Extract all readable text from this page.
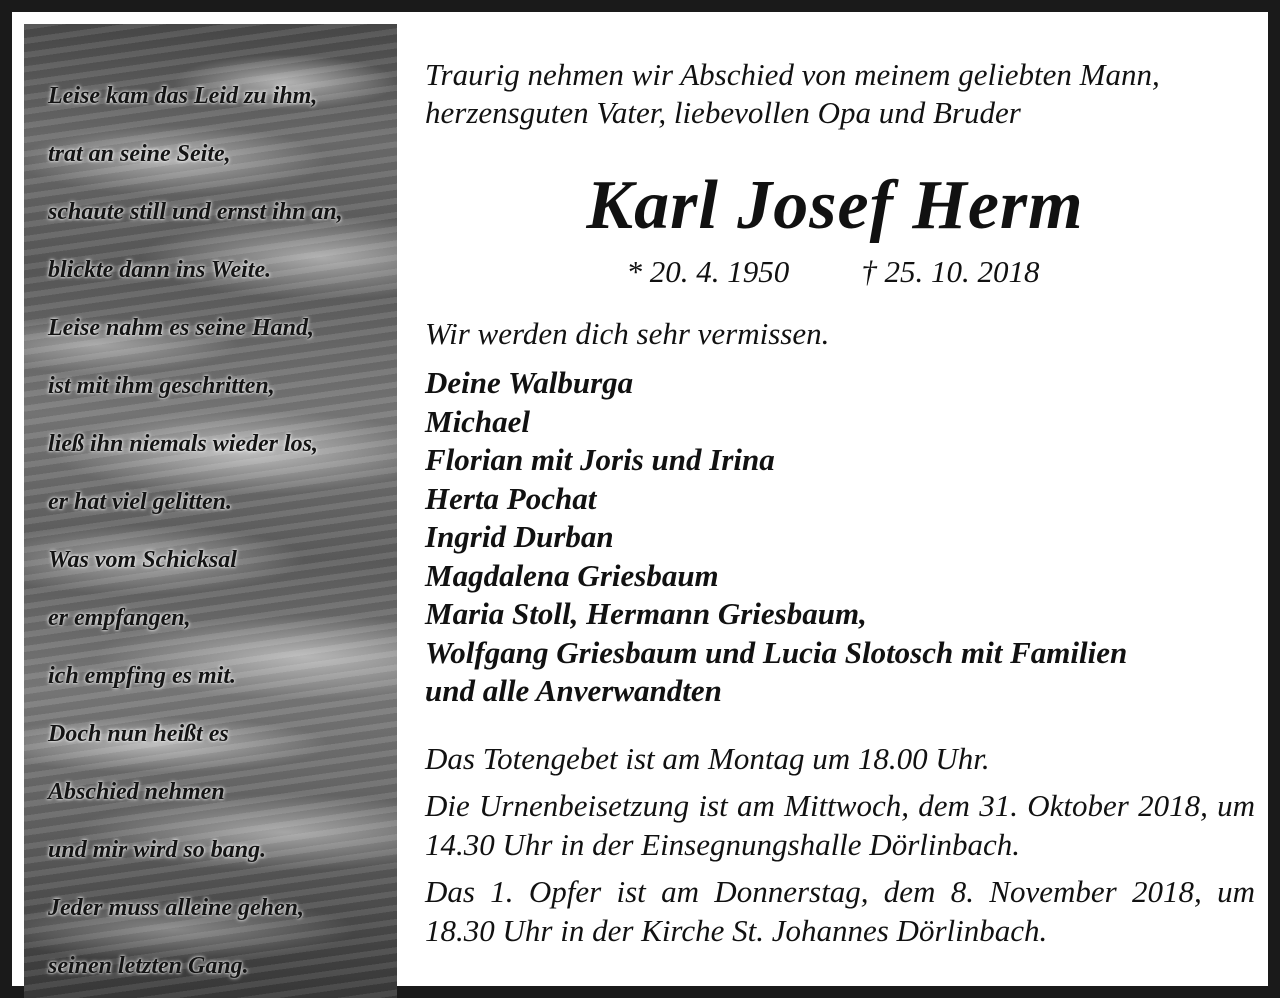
Leise kam das Leid zu ihm,
trat an seine Seite,
schaute still und ernst ihn an,
blickte dann ins Weite.
Leise nahm es seine Hand,
ist mit ihm geschritten,
ließ ihn niemals wieder los,
er hat viel gelitten.
Was vom Schicksal
er empfangen,
ich empfing es mit.
Doch nun heißt es
Abschied nehmen
und mir wird so bang.
Jeder muss alleine gehen,
seinen letzten Gang.

Traurig nehmen wir Abschied von meinem geliebten Mann,
herzensguten Vater, liebevollen Opa und Bruder

Karl Josef Herm
* 20. 4. 1950 † 25. 10. 2018

Wir werden dich sehr vermissen.

Deine Walburga
Michael
Florian mit Joris und Irina
Herta Pochat
Ingrid Durban
Magdalena Griesbaum
Maria Stoll, Hermann Griesbaum,
Wolfgang Griesbaum und Lucia Slotosch mit Familien
und alle Anverwandten

Das Totengebet ist am Montag um 18.00 Uhr.

Die Urnenbeisetzung ist am Mittwoch, dem 31. Oktober 2018, um 14.30 Uhr in der Einsegnungshalle Dörlinbach.

Das 1. Opfer ist am Donnerstag, dem 8. November 2018, um 18.30 Uhr in der Kirche St. Johannes Dörlinbach.
